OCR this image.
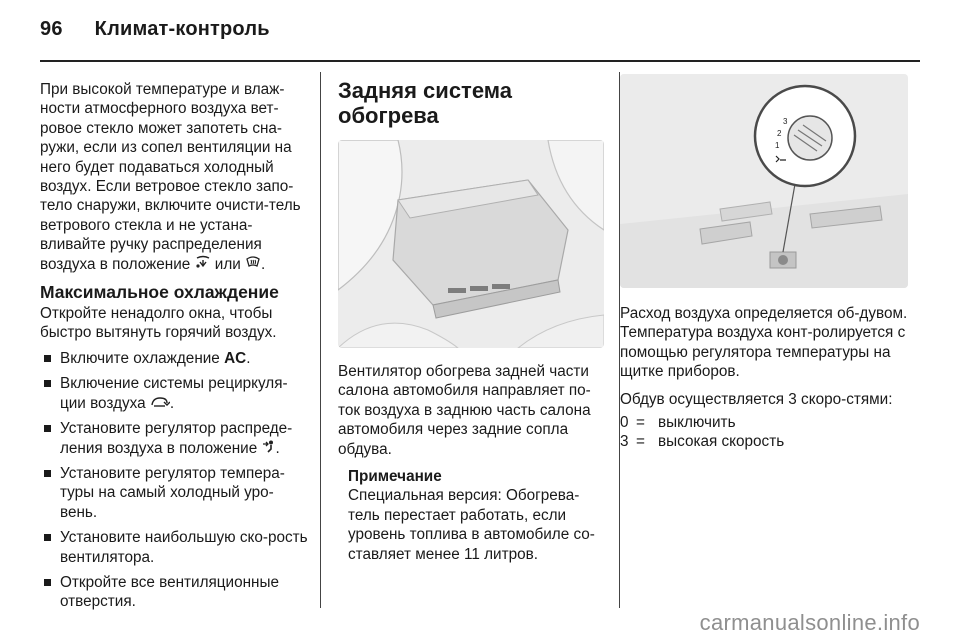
96 Климат-контроль

При высокой температуре и влаж-ности атмосферного воздуха вет-ровое стекло может запотеть сна-ружи, если из сопел вентиляции на него будет подаваться холодный воздух. Если ветровое стекло запо-тело снаружи, включите очисти-тель ветрового стекла и не устана-вливайте ручку распределения воздуха в положение или .

Максимальное охлаждение

Откройте ненадолго окна, чтобы быстро вытянуть горячий воздух.

Включите охлаждение AC.
Включение системы рециркуля-ции воздуха .
Установите регулятор распреде-ления воздуха в положение .
Установите регулятор темпера-туры на самый холодный уро-вень.
Установите наибольшую ско-рость вентилятора.
Откройте все вентиляционные отверстия.
Задняя система обогрева

Вентилятор обогрева задней части салона автомобиля направляет по-ток воздуха в заднюю часть салона автомобиля через задние сопла обдува.

Примечание
Специальная версия: Обогрева-тель перестает работать, если уровень топлива в автомобиле со-ставляет менее 11 литров.
3
2
1

Расход воздуха определяется об-дувом. Температура воздуха конт-ролируется с помощью регулятора температуры на щитке приборов.

Обдув осуществляется 3 скоро-стями:

0 = выключить
3 = высокая скорость
carmanualsonline.info
